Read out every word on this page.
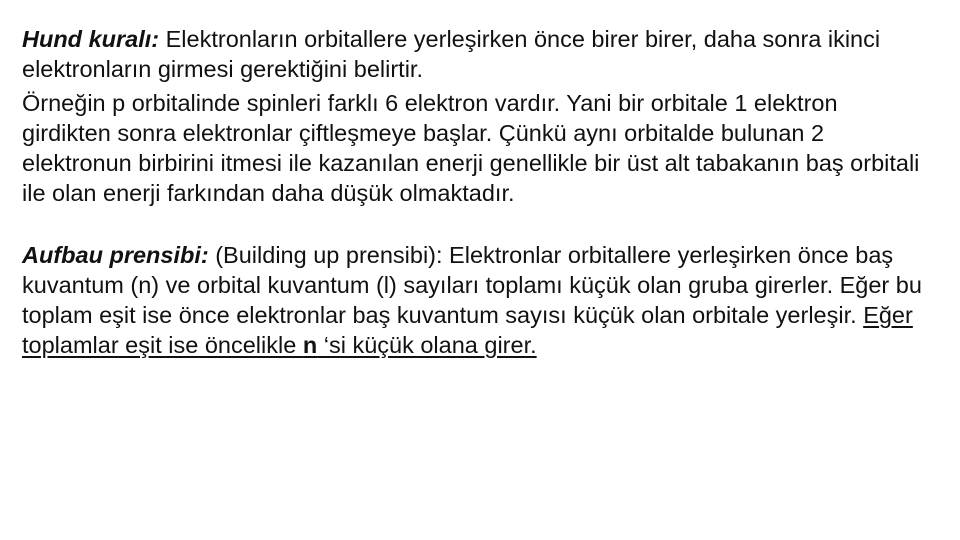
Hund kuralı: Elektronların orbitallere yerleşirken önce birer birer, daha sonra ikinci elektronların girmesi gerektiğini belirtir.

Örneğin p orbitalinde spinleri farklı 6 elektron vardır. Yani bir orbitale 1 elektron girdikten sonra elektronlar çiftleşmeye başlar. Çünkü aynı orbitalde bulunan 2 elektronun birbirini itmesi ile kazanılan enerji genellikle bir üst alt tabakanın baş orbitali ile olan enerji farkından daha düşük olmaktadır.

Aufbau prensibi: (Building up prensibi): Elektronlar orbitallere yerleşirken önce baş kuvantum (n) ve orbital kuvantum (l) sayıları toplamı küçük olan gruba girerler. Eğer bu toplam eşit ise önce elektronlar baş kuvantum sayısı küçük olan orbitale yerleşir. Eğer toplamlar eşit ise öncelikle n ‘si küçük olana girer.
